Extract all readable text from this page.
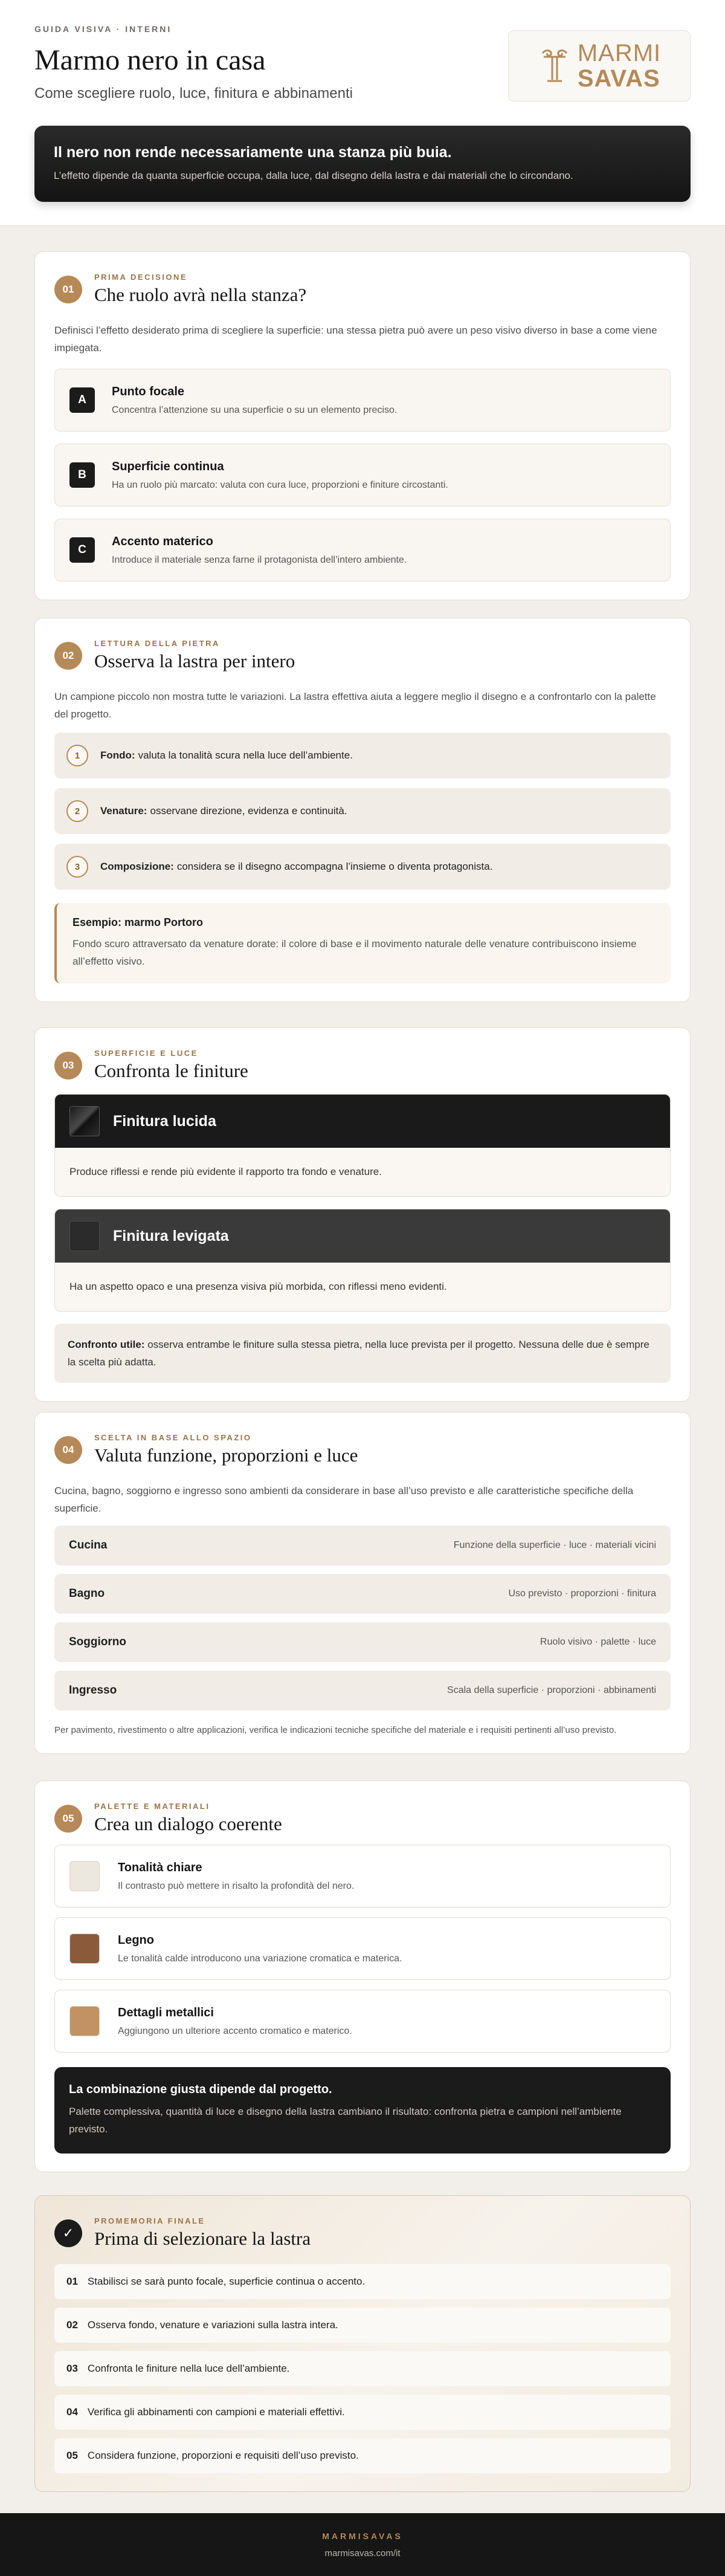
GUIDA VISIVA · INTERNI
Marmo nero in casa
Come scegliere ruolo, luce, finitura e abbinamenti
MARMI
SAVAS
Il nero non rende necessariamente una stanza più buia.
L’effetto dipende da quanta superficie occupa, dalla luce, dal disegno della lastra e dai materiali che lo circondano.
01
PRIMA DECISIONE
Che ruolo avrà nella stanza?
Definisci l’effetto desiderato prima di scegliere la superficie: una stessa pietra può avere un peso visivo diverso in base a come viene impiegata.
A
Punto focale
Concentra l’attenzione su una superficie o su un elemento preciso.
B
Superficie continua
Ha un ruolo più marcato: valuta con cura luce, proporzioni e finiture circostanti.
C
Accento materico
Introduce il materiale senza farne il protagonista dell’intero ambiente.
02
LETTURA DELLA PIETRA
Osserva la lastra per intero
Un campione piccolo non mostra tutte le variazioni. La lastra effettiva aiuta a leggere meglio il disegno e a confrontarlo con la palette del progetto.
1	Fondo: valuta la tonalità scura nella luce dell’ambiente.
2	Venature: osservane direzione, evidenza e continuità.
3	Composizione: considera se il disegno accompagna l’insieme o diventa protagonista.
Esempio: marmo Portoro
Fondo scuro attraversato da venature dorate: il colore di base e il movimento naturale delle venature contribuiscono insieme all’effetto visivo.
03
SUPERFICIE E LUCE
Confronta le finiture
Finitura lucida
Produce riflessi e rende più evidente il rapporto tra fondo e venature.
Finitura levigata
Ha un aspetto opaco e una presenza visiva più morbida, con riflessi meno evidenti.
Confronto utile: osserva entrambe le finiture sulla stessa pietra, nella luce prevista per il progetto. Nessuna delle due è sempre la scelta più adatta.
04
SCELTA IN BASE ALLO SPAZIO
Valuta funzione, proporzioni e luce
Cucina, bagno, soggiorno e ingresso sono ambienti da considerare in base all’uso previsto e alle caratteristiche specifiche della superficie.
Cucina	Funzione della superficie · luce · materiali vicini
Bagno	Uso previsto · proporzioni · finitura
Soggiorno	Ruolo visivo · palette · luce
Ingresso	Scala della superficie · proporzioni · abbinamenti
Per pavimento, rivestimento o altre applicazioni, verifica le indicazioni tecniche specifiche del materiale e i requisiti pertinenti all’uso previsto.
05
PALETTE E MATERIALI
Crea un dialogo coerente
Tonalità chiare
Il contrasto può mettere in risalto la profondità del nero.
Legno
Le tonalità calde introducono una variazione cromatica e materica.
Dettagli metallici
Aggiungono un ulteriore accento cromatico e materico.
La combinazione giusta dipende dal progetto.
Palette complessiva, quantità di luce e disegno della lastra cambiano il risultato: confronta pietra e campioni nell’ambiente previsto.
✓
PROMEMORIA FINALE
Prima di selezionare la lastra
01 Stabilisci se sarà punto focale, superficie continua o accento.
02 Osserva fondo, venature e variazioni sulla lastra intera.
03 Confronta le finiture nella luce dell’ambiente.
04 Verifica gli abbinamenti con campioni e materiali effettivi.
05 Considera funzione, proporzioni e requisiti dell’uso previsto.
MARMISAVAS
marmisavas.com/it
